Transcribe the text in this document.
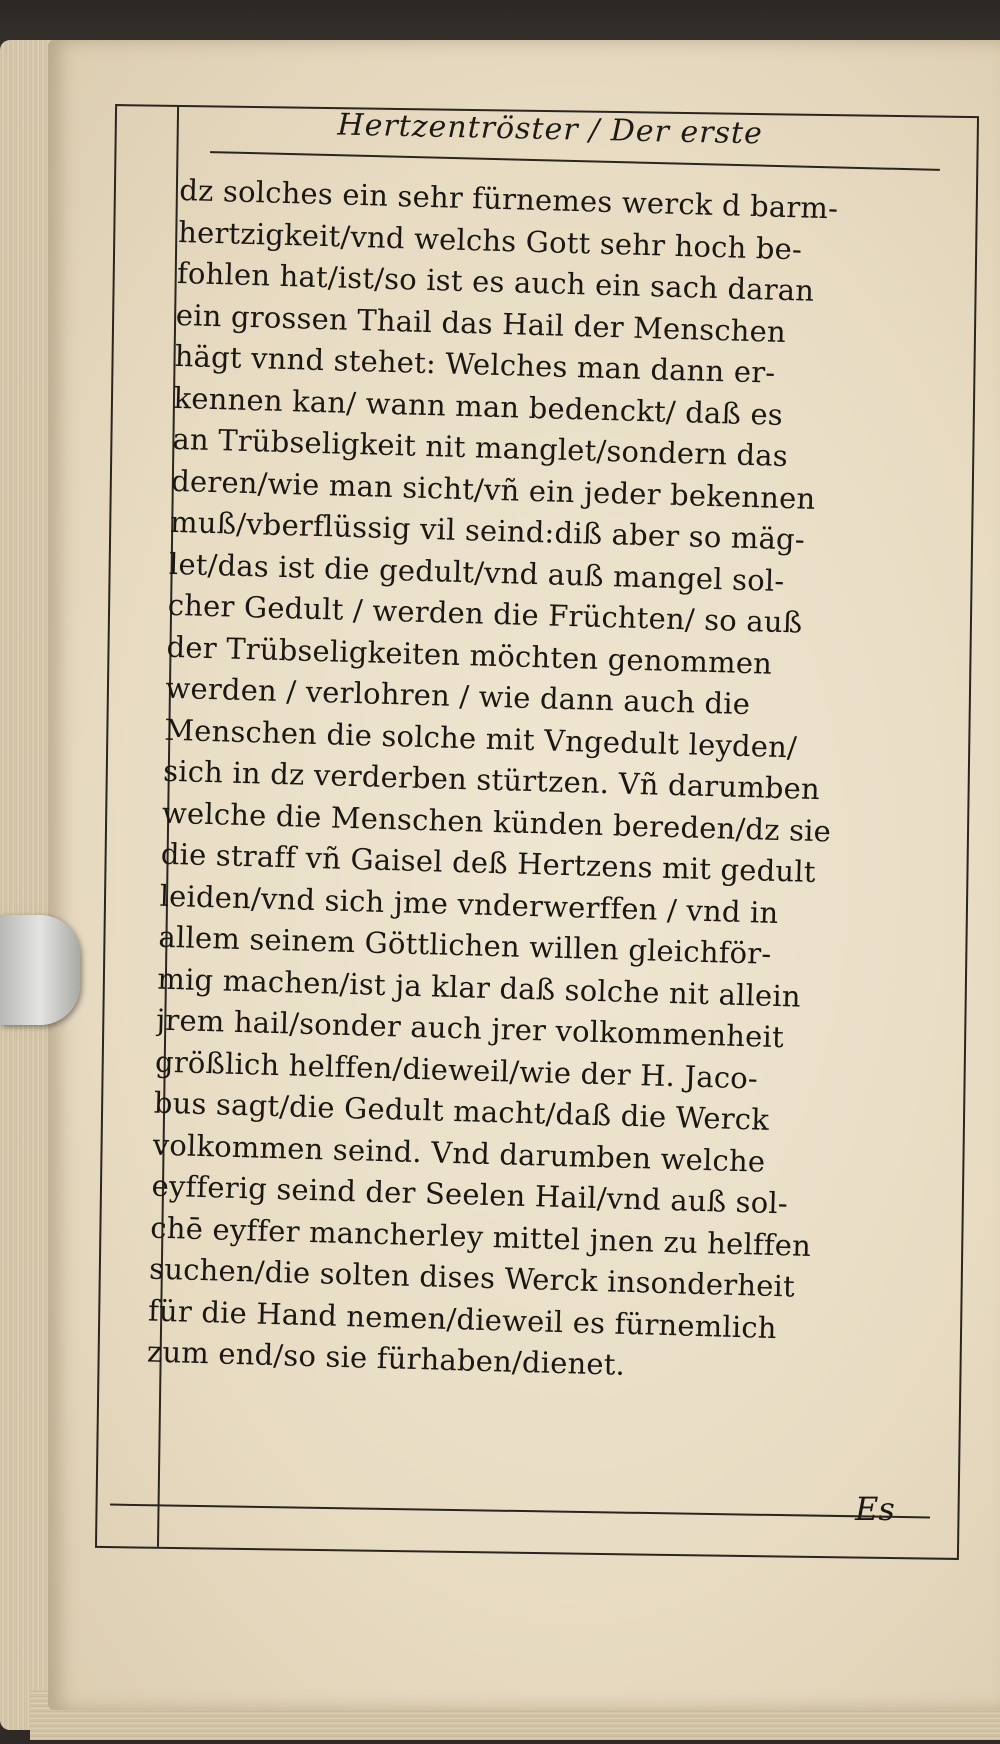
Hertzentröster / Der erste
dz solches ein sehr fürnemes werck d barm-
hertzigkeit/vnd welchs Gott sehr hoch be-
fohlen hat/ist/so ist es auch ein sach daran
ein grossen Thail das Hail der Menschen
hägt vnnd stehet: Welches man dann er-
kennen kan/ wann man bedenckt/ daß es
an Trübseligkeit nit manglet/sondern das
deren/wie man sicht/vñ ein jeder bekennen
muß/vberflüssig vil seind:diß aber so mäg-
let/das ist die gedult/vnd auß mangel sol-
cher Gedult / werden die Früchten/ so auß
der Trübseligkeiten möchten genommen
werden / verlohren / wie dann auch die
Menschen die solche mit Vngedult leyden/
sich in dz verderben stürtzen. Vñ darumben
welche die Menschen künden bereden/dz sie
die straff vñ Gaisel deß Hertzens mit gedult
leiden/vnd sich jme vnderwerffen / vnd in
allem seinem Göttlichen willen gleichför-
mig machen/ist ja klar daß solche nit allein
jrem hail/sonder auch jrer volkommenheit
größlich helffen/dieweil/wie der H. Jaco-
bus sagt/die Gedult macht/daß die Werck
volkommen seind. Vnd darumben welche
eyfferig seind der Seelen Hail/vnd auß sol-
chē eyffer mancherley mittel jnen zu helffen
suchen/die solten dises Werck insonderheit
für die Hand nemen/dieweil es fürnemlich
zum end/so sie fürhaben/dienet.
Es
